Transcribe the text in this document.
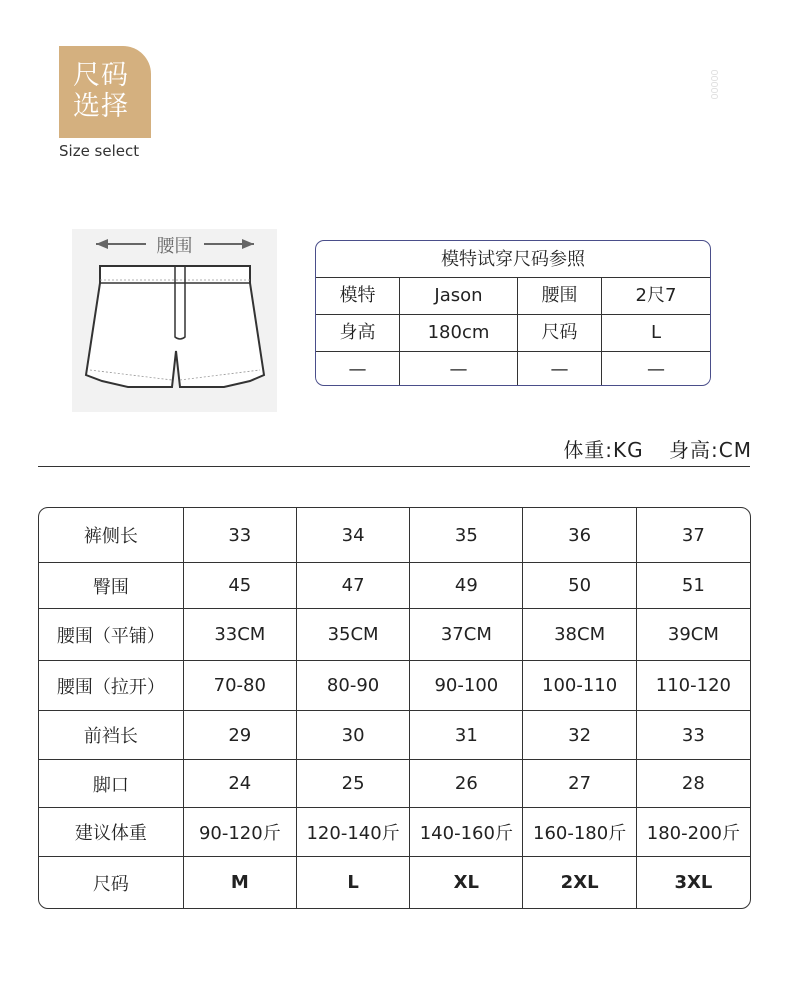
尺码
选择
Size select
腰围
模特试穿尺码参照
模特	Jason	腰围	2尺7
身高	180cm	尺码	L
—	—	—	—
体重:KG 身高:CM
裤侧长	33	34	35	36	37
臀围	45	47	49	50	51
腰围（平铺）	33CM	35CM	37CM	38CM	39CM
腰围（拉开）	70-80	80-90	90-100	100-110	110-120
前裆长	29	30	31	32	33
脚口	24	25	26	27	28
建议体重	90-120斤	120-140斤	140-160斤	160-180斤	180-200斤
尺码	M	L	XL	2XL	3XL
